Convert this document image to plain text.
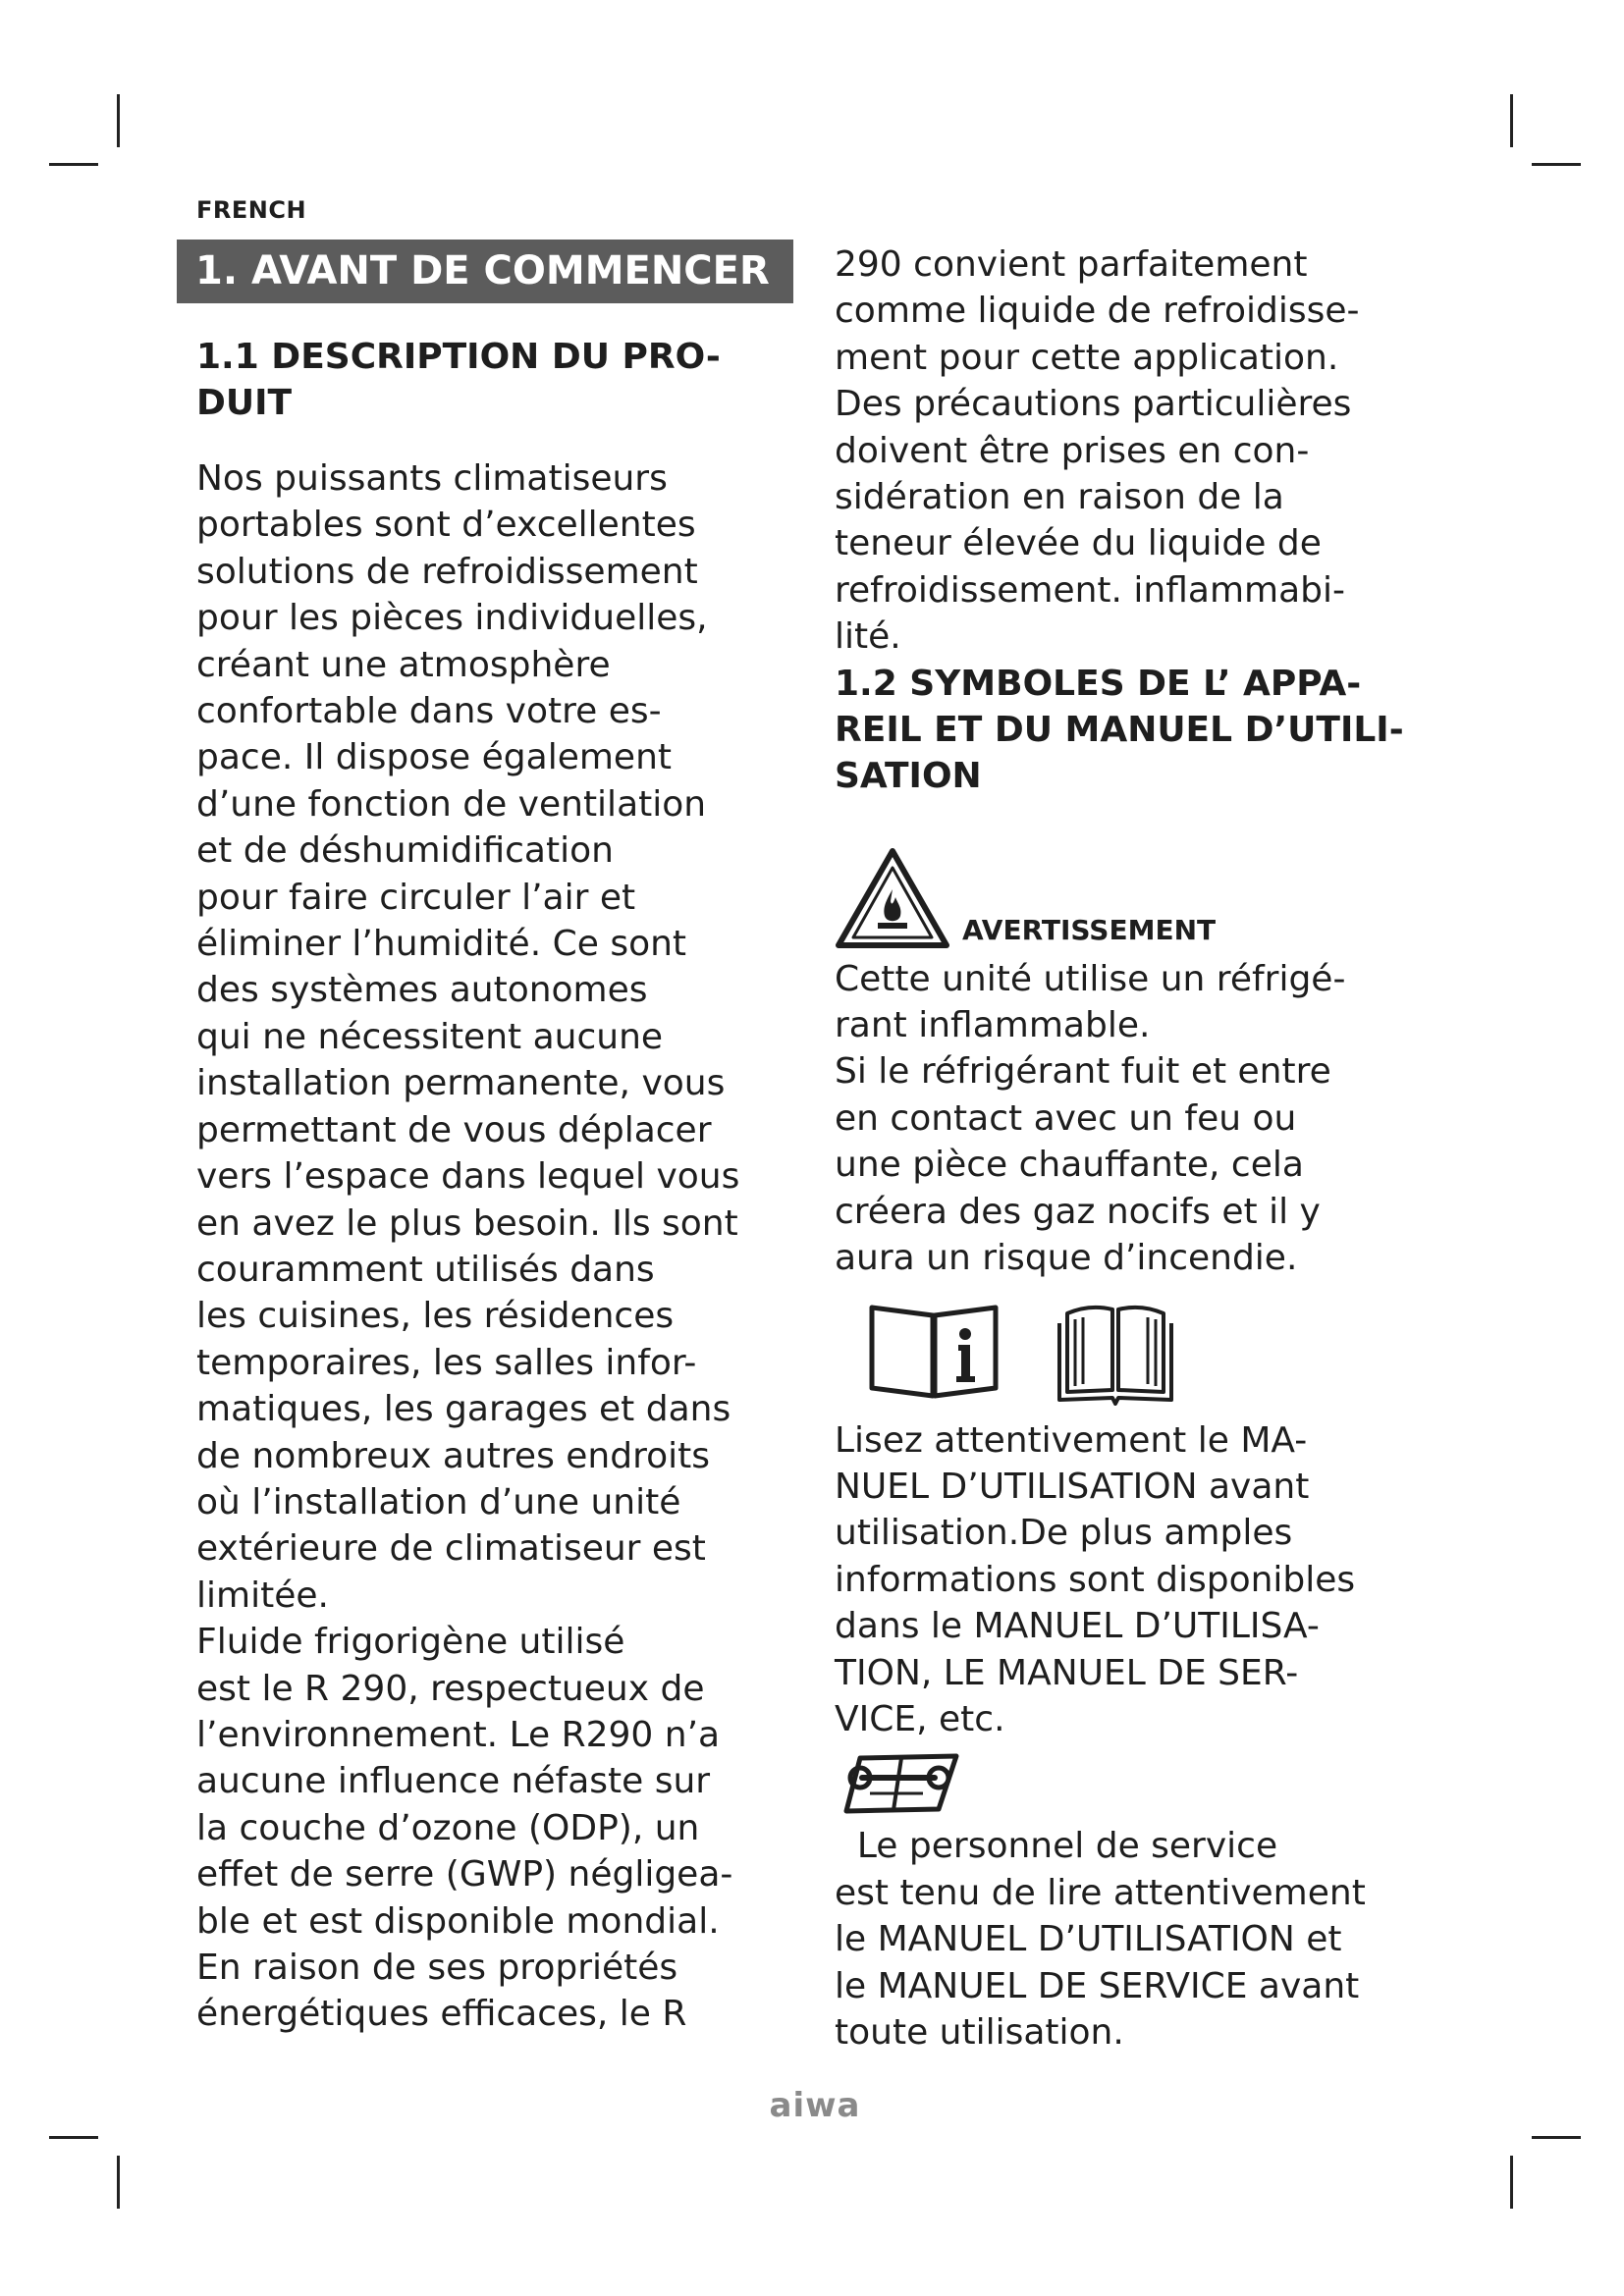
FRENCH
1. AVANT DE COMMENCER

1.1 DESCRIPTION DU PRO-

DUIT

Nos puissants climatiseurs

portables sont d’excellentes

solutions de refroidissement

pour les pièces individuelles,

créant une atmosphère

confortable dans votre es-

pace. Il dispose également

d’une fonction de ventilation

et de déshumidification

pour faire circuler l’air et

éliminer l’humidité. Ce sont

des systèmes autonomes

qui ne nécessitent aucune

installation permanente, vous

permettant de vous déplacer

vers l’espace dans lequel vous

en avez le plus besoin. Ils sont

couramment utilisés dans

les cuisines, les résidences

temporaires, les salles infor-

matiques, les garages et dans

de nombreux autres endroits

où l’installation d’une unité

extérieure de climatiseur est

limitée.

Fluide frigorigène utilisé

est le R 290, respectueux de

l’environnement. Le R290 n’a

aucune influence néfaste sur

la couche d’ozone (ODP), un

effet de serre (GWP) négligea-

ble et est disponible mondial.

En raison de ses propriétés

énergétiques efficaces, le R

290 convient parfaitement

comme liquide de refroidisse-

ment pour cette application.

Des précautions particulières

doivent être prises en con-

sidération en raison de la

teneur élevée du liquide de

refroidissement. inflammabi-

lité.

1.2 SYMBOLES DE L’ APPA-

REIL ET DU MANUEL D’UTILI-

SATION

AVERTISSEMENT

Cette unité utilise un réfrigé-

rant inflammable.

Si le réfrigérant fuit et entre

en contact avec un feu ou

une pièce chauffante, cela

créera des gaz nocifs et il y

aura un risque d’incendie.

Lisez attentivement le MA-

NUEL D’UTILISATION avant

utilisation.De plus amples

informations sont disponibles

dans le MANUEL D’UTILISA-

TION, LE MANUEL DE SER-

VICE, etc.

Le personnel de service

est tenu de lire attentivement

le MANUEL D’UTILISATION et

le MANUEL DE SERVICE avant

toute utilisation.

aiwa
